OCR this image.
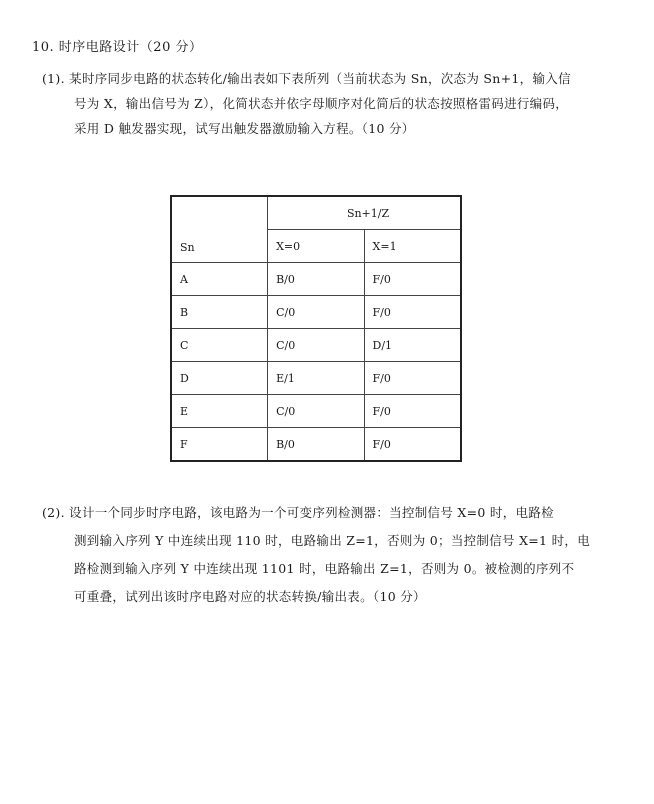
10. 时序电路设计（20 分）
(1). 某时序同步电路的状态转化/输出表如下表所列（当前状态为 Sn，次态为 Sn+1，输入信
号为 X，输出信号为 Z），化简状态并依字母顺序对化简后的状态按照格雷码进行编码，
采用 D 触发器实现，试写出触发器激励输入方程。（10 分）
Sn	Sn+1/Z	
	X=0	X=1
A	B/0	F/0
B	C/0	F/0
C	C/0	D/1
D	E/1	F/0
E	C/0	F/0
F	B/0	F/0
(2). 设计一个同步时序电路，该电路为一个可变序列检测器：当控制信号 X=0 时，电路检
测到输入序列 Y 中连续出现 110 时，电路输出 Z=1，否则为 0；当控制信号 X=1 时，电
路检测到输入序列 Y 中连续出现 1101 时，电路输出 Z=1，否则为 0。被检测的序列不
可重叠，试列出该时序电路对应的状态转换/输出表。（10 分）
